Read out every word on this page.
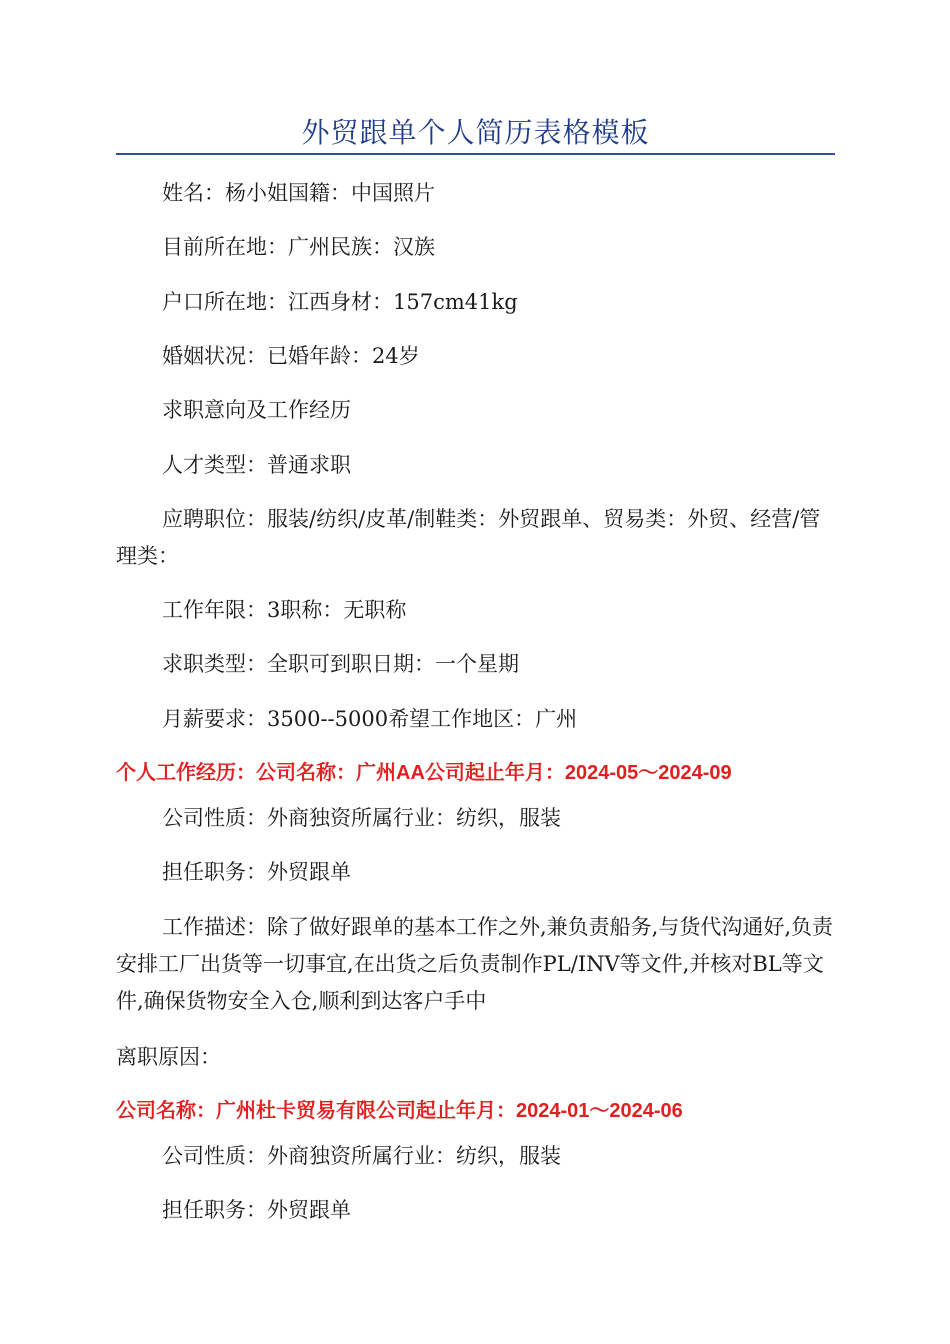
外贸跟单个人简历表格模板
姓名：杨小姐国籍：中国照片
目前所在地：广州民族：汉族
户口所在地：江西身材：157cm41kg
婚姻状况：已婚年龄：24岁
求职意向及工作经历
人才类型：普通求职
应聘职位：服装/纺织/皮革/制鞋类：外贸跟单、贸易类：外贸、经营/管理类：
工作年限：3职称：无职称
求职类型：全职可到职日期：一个星期
月薪要求：3500--5000希望工作地区：广州
个人工作经历：公司名称：广州AA公司起止年月：2024-05～2024-09
公司性质：外商独资所属行业：纺织，服装
担任职务：外贸跟单
工作描述：除了做好跟单的基本工作之外,兼负责船务,与货代沟通好,负责安排工厂出货等一切事宜,在出货之后负责制作PL/INV等文件,并核对BL等文件,确保货物安全入仓,顺利到达客户手中
离职原因：
公司名称：广州杜卡贸易有限公司起止年月：2024-01～2024-06
公司性质：外商独资所属行业：纺织，服装
担任职务：外贸跟单
